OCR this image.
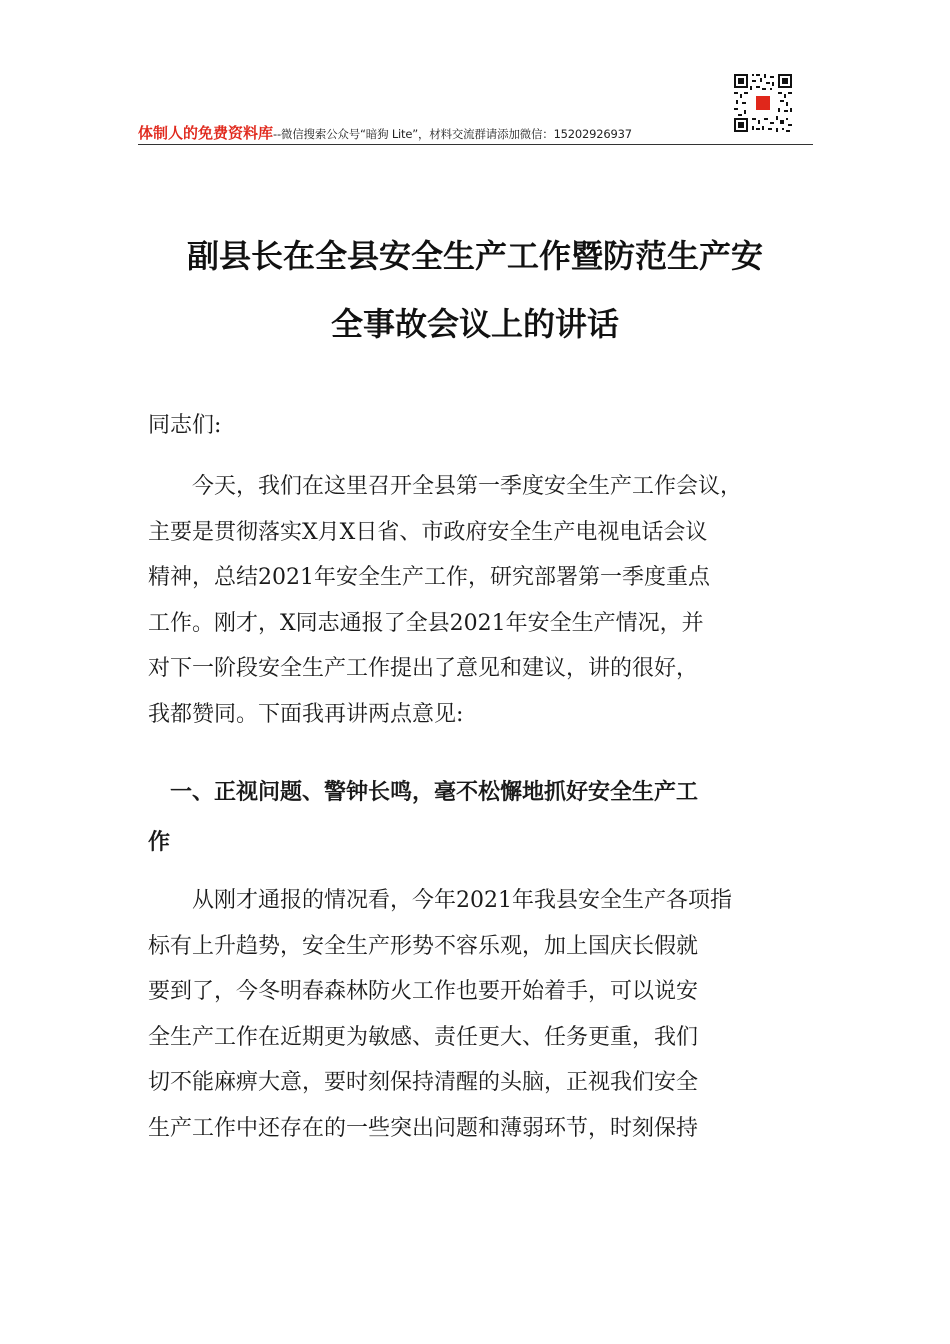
体制人的免费资料库--微信搜索公众号“暗狗 Lite”，材料交流群请添加微信：15202926937
副县长在全县安全生产工作暨防范生产安
全事故会议上的讲话

同志们:

　　今天，我们在这里召开全县第一季度安全生产工作会议，
主要是贯彻落实X月X日省、市政府安全生产电视电话会议
精神，总结2021年安全生产工作，研究部署第一季度重点
工作。刚才，X同志通报了全县2021年安全生产情况，并
对下一阶段安全生产工作提出了意见和建议，讲的很好，
我都赞同。下面我再讲两点意见:

　一、正视问题、警钟长鸣，毫不松懈地抓好安全生产工
作

　　从刚才通报的情况看，今年2021年我县安全生产各项指
标有上升趋势，安全生产形势不容乐观，加上国庆长假就
要到了，今冬明春森林防火工作也要开始着手，可以说安
全生产工作在近期更为敏感、责任更大、任务更重，我们
切不能麻痹大意，要时刻保持清醒的头脑，正视我们安全
生产工作中还存在的一些突出问题和薄弱环节，时刻保持
